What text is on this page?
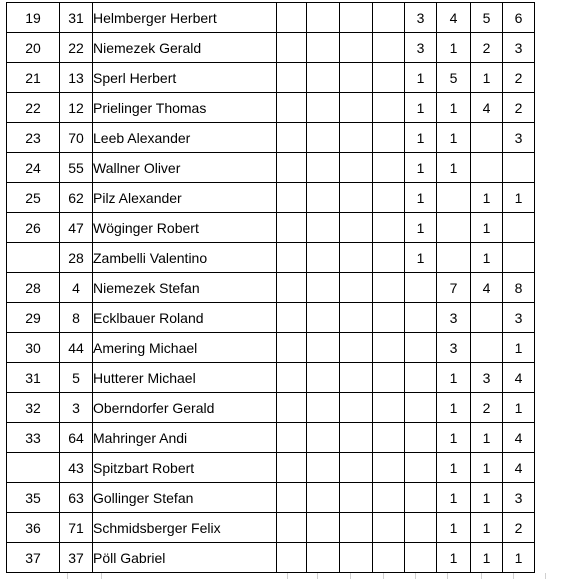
19	31	Helmberger Herbert					3	4	5	6
20	22	Niemezek Gerald					3	1	2	3
21	13	Sperl Herbert					1	5	1	2
22	12	Prielinger Thomas					1	1	4	2
23	70	Leeb Alexander					1	1		3
24	55	Wallner Oliver					1	1		
25	62	Pilz Alexander					1		1	1
26	47	Wöginger Robert					1		1	
	28	Zambelli Valentino					1		1	
28	4	Niemezek Stefan						7	4	8
29	8	Ecklbauer Roland						3		3
30	44	Amering Michael						3		1
31	5	Hutterer Michael						1	3	4
32	3	Oberndorfer Gerald						1	2	1
33	64	Mahringer Andi						1	1	4
	43	Spitzbart Robert						1	1	4
35	63	Gollinger Stefan						1	1	3
36	71	Schmidsberger Felix						1	1	2
37	37	Pöll Gabriel						1	1	1
